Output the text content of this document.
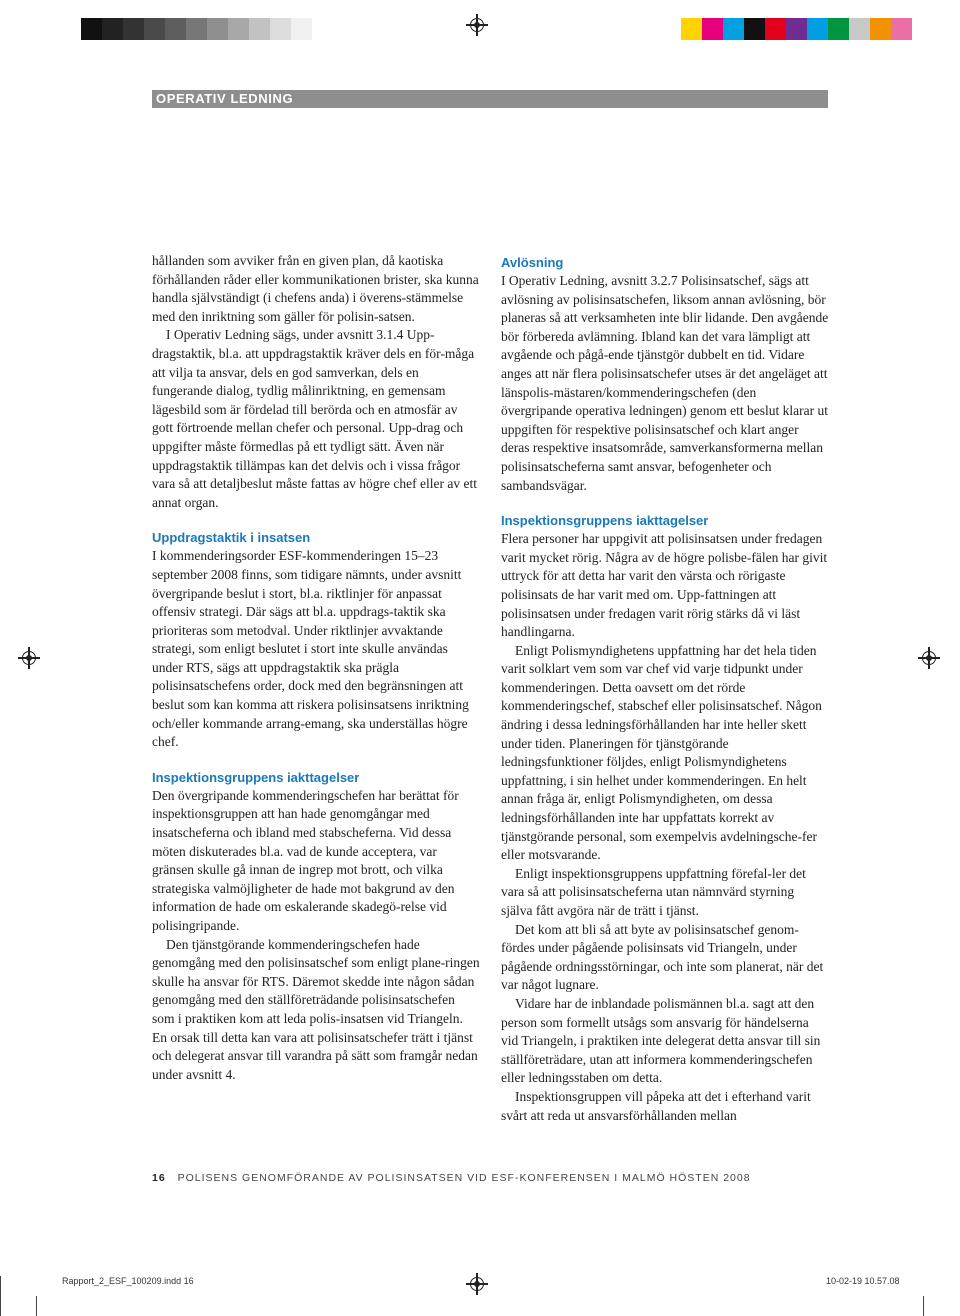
OPERATIV LEDNING

hållanden som avviker från en given plan, då kaotiska förhållanden råder eller kommunikationen brister, ska kunna handla självständigt (i chefens anda) i överens-stämmelse med den inriktning som gäller för polisin-satsen.

I Operativ Ledning sägs, under avsnitt 3.1.4 Upp-dragstaktik, bl.a. att uppdragstaktik kräver dels en för-måga att vilja ta ansvar, dels en god samverkan, dels en fungerande dialog, tydlig målinriktning, en gemensam lägesbild som är fördelad till berörda och en atmosfär av gott förtroende mellan chefer och personal. Upp-drag och uppgifter måste förmedlas på ett tydligt sätt. Även när uppdragstaktik tillämpas kan det delvis och i vissa frågor vara så att detaljbeslut måste fattas av högre chef eller av ett annat organ.

Uppdragstaktik i insatsen

I kommenderingsorder ESF-kommenderingen 15–23 september 2008 finns, som tidigare nämnts, under avsnitt övergripande beslut i stort, bl.a. riktlinjer för anpassat offensiv strategi. Där sägs att bl.a. uppdrags-taktik ska prioriteras som metodval. Under riktlinjer avvaktande strategi, som enligt beslutet i stort inte skulle användas under RTS, sägs att uppdragstaktik ska prägla polisinsatschefens order, dock med den begränsningen att beslut som kan komma att riskera polisinsatsens inriktning och/eller kommande arrang-emang, ska underställas högre chef.

Inspektionsgruppens iakttagelser

Den övergripande kommenderingschefen har berättat för inspektionsgruppen att han hade genomgångar med insatscheferna och ibland med stabscheferna. Vid dessa möten diskuterades bl.a. vad de kunde acceptera, var gränsen skulle gå innan de ingrep mot brott, och vilka strategiska valmöjligheter de hade mot bakgrund av den information de hade om eskalerande skadegö-relse vid polisingripande.

Den tjänstgörande kommenderingschefen hade genomgång med den polisinsatschef som enligt plane-ringen skulle ha ansvar för RTS. Däremot skedde inte någon sådan genomgång med den ställföreträdande polisinsatschefen som i praktiken kom att leda polis-insatsen vid Triangeln. En orsak till detta kan vara att polisinsatschefer trätt i tjänst och delegerat ansvar till varandra på sätt som framgår nedan under avsnitt 4.

Avlösning

I Operativ Ledning, avsnitt 3.2.7 Polisinsatschef, sägs att avlösning av polisinsatschefen, liksom annan avlösning, bör planeras så att verksamheten inte blir lidande. Den avgående bör förbereda avlämning. Ibland kan det vara lämpligt att avgående och pågå-ende tjänstgör dubbelt en tid. Vidare anges att när flera polisinsatschefer utses är det angeläget att länspolis-mästaren/kommenderingschefen (den övergripande operativa ledningen) genom ett beslut klarar ut uppgiften för respektive polisinsatschef och klart anger deras respektive insatsområde, samverkansformerna mellan polisinsatscheferna samt ansvar, befogenheter och sambandsvägar.

Inspektionsgruppens iakttagelser

Flera personer har uppgivit att polisinsatsen under fredagen varit mycket rörig. Några av de högre polisbe-fälen har givit uttryck för att detta har varit den värsta och rörigaste polisinsats de har varit med om. Upp-fattningen att polisinsatsen under fredagen varit rörig stärks då vi läst handlingarna.

Enligt Polismyndighetens uppfattning har det hela tiden varit solklart vem som var chef vid varje tidpunkt under kommenderingen. Detta oavsett om det rörde kommenderingschef, stabschef eller polisinsatschef. Någon ändring i dessa ledningsförhållanden har inte heller skett under tiden. Planeringen för tjänstgörande ledningsfunktioner följdes, enligt Polismyndighetens uppfattning, i sin helhet under kommenderingen. En helt annan fråga är, enligt Polismyndigheten, om dessa ledningsförhållanden inte har uppfattats korrekt av tjänstgörande personal, som exempelvis avdelningsche-fer eller motsvarande.

Enligt inspektionsgruppens uppfattning förefal-ler det vara så att polisinsatscheferna utan nämnvärd styrning själva fått avgöra när de trätt i tjänst.

Det kom att bli så att byte av polisinsatschef genom-fördes under pågående polisinsats vid Triangeln, under pågående ordningsstörningar, och inte som planerat, när det var något lugnare.

Vidare har de inblandade polismännen bl.a. sagt att den person som formellt utsågs som ansvarig för händelserna vid Triangeln, i praktiken inte delegerat detta ansvar till sin ställföreträdare, utan att informera kommenderingschefen eller ledningsstaben om detta.

Inspektionsgruppen vill påpeka att det i efterhand varit svårt att reda ut ansvarsförhållanden mellan

16 POLISENS GENOMFÖRANDE AV POLISINSATSEN VID ESF-KONFERENSEN I MALMÖ HÖSTEN 2008
Rapport_2_ESF_100209.indd 16	10-02-19 10.57.08
